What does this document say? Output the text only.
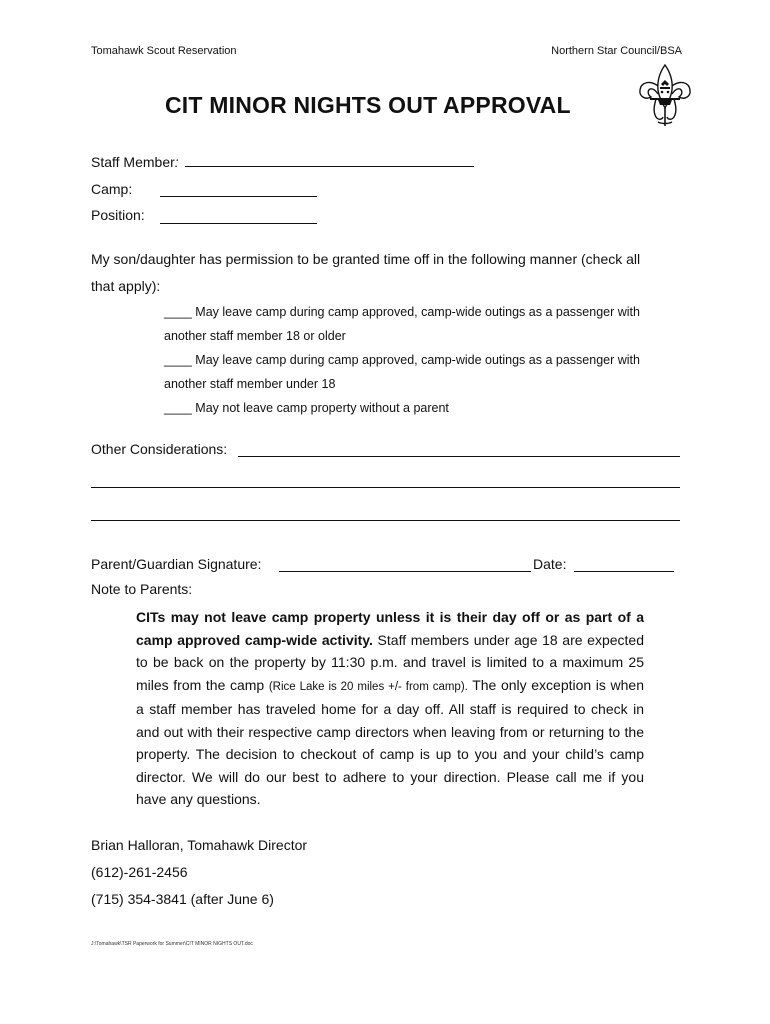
Tomahawk Scout Reservation	Northern Star Council/BSA
CIT MINOR NIGHTS OUT APPROVAL
Staff Member:
Camp:
Position:
My son/daughter has permission to be granted time off in the following manner (check all
that apply):
____ May leave camp during camp approved, camp-wide outings as a passenger with
another staff member 18 or older
____ May leave camp during camp approved, camp-wide outings as a passenger with
another staff member under 18
____ May not leave camp property without a parent
Other Considerations:
Parent/Guardian Signature:	Date:
Note to Parents:
CITs may not leave camp property unless it is their day off or as part of a camp approved camp-wide activity. Staff members under age 18 are expected to be back on the property by 11:30 p.m. and travel is limited to a maximum 25 miles from the camp (Rice Lake is 20 miles +/- from camp). The only exception is when a staff member has traveled home for a day off. All staff is required to check in and out with their respective camp directors when leaving from or returning to the property. The decision to checkout of camp is up to you and your child’s camp director. We will do our best to adhere to your direction. Please call me if you have any questions.
Brian Halloran, Tomahawk Director
(612)-261-2456
(715) 354-3841 (after June 6)
J:\Tomahawk\TSR Paperwork for Summer\CIT MINOR NIGHTS OUT.doc
